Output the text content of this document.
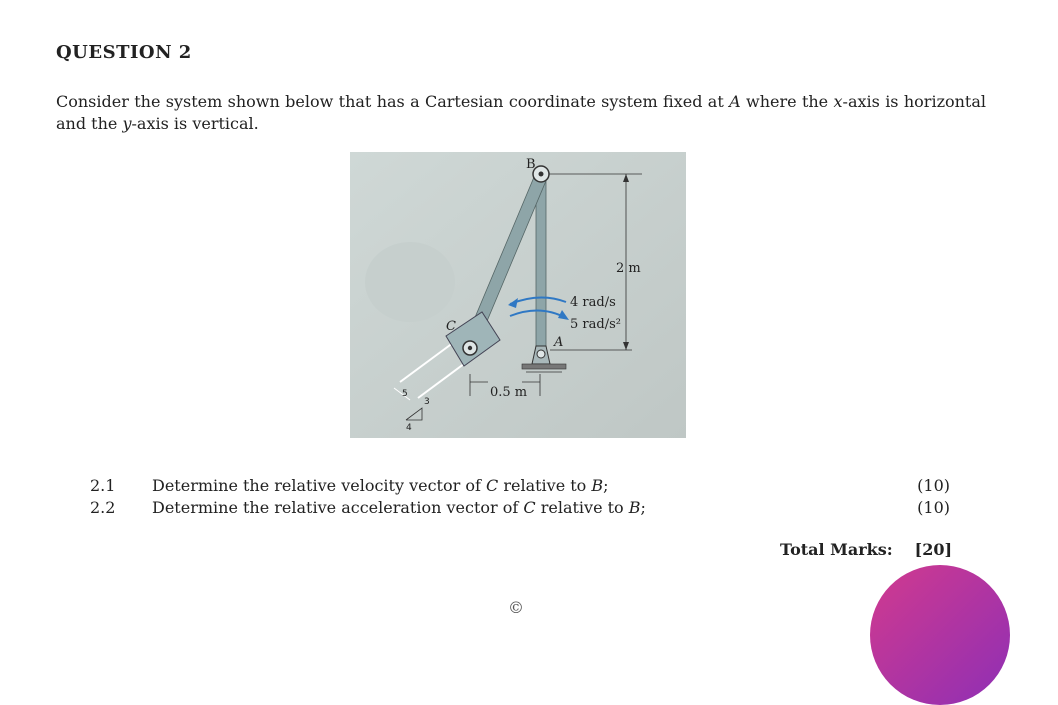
QUESTION 2
Consider the system shown below that has a Cartesian coordinate system fixed at A where the x-axis is horizontal and the y-axis is vertical.
B
C
A
2 m
0.5 m
4 rad/s
5 rad/s²
5
3
4
2.1 Determine the relative velocity vector of C relative to B;	(10)
2.2 Determine the relative acceleration vector of C relative to B;	(10)
Total Marks: [20]
©
